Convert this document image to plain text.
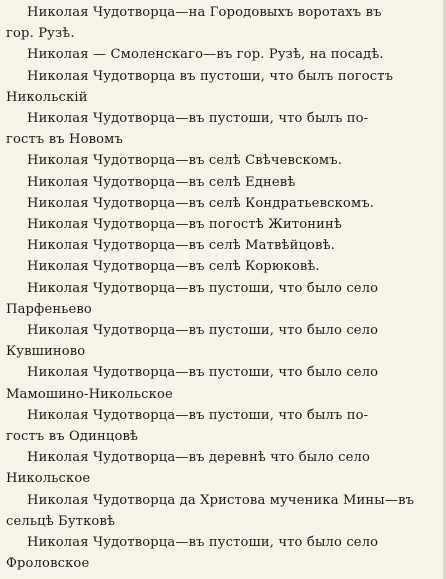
Николая Чудотворца—на Городовыхъ воротахъ въ
гор. Рузѣ.
Николая — Смоленскаго—въ гор. Рузѣ, на посадѣ.
Николая Чудотворца въ пустоши, что былъ погостъ
Никольскій
Николая Чудотворца—въ пустоши, что былъ по-
гостъ въ Новомъ
Николая Чудотворца—въ селѣ Свѣчевскомъ.
Николая Чудотворца—въ селѣ Едневѣ
Николая Чудотворца—въ селѣ Кондратьевскомъ.
Николая Чудотворца—въ погостѣ Житонинѣ
Николая Чудотворца—въ селѣ Матвѣйцовѣ.
Николая Чудотворца—въ селѣ Корюковѣ.
Николая Чудотворца—въ пустоши, что было село
Парфеньево
Николая Чудотворца—въ пустоши, что было село
Кувшиново
Николая Чудотворца—въ пустоши, что было село
Мамошино-Никольское
Николая Чудотворца—въ пустоши, что былъ по-
гостъ въ Одинцовѣ
Николая Чудотворца—въ деревнѣ что было село
Никольское
Николая Чудотворца да Христова мученика Мины—въ
сельцѣ Бутковѣ
Николая Чудотворца—въ пустоши, что было село
Фроловское
